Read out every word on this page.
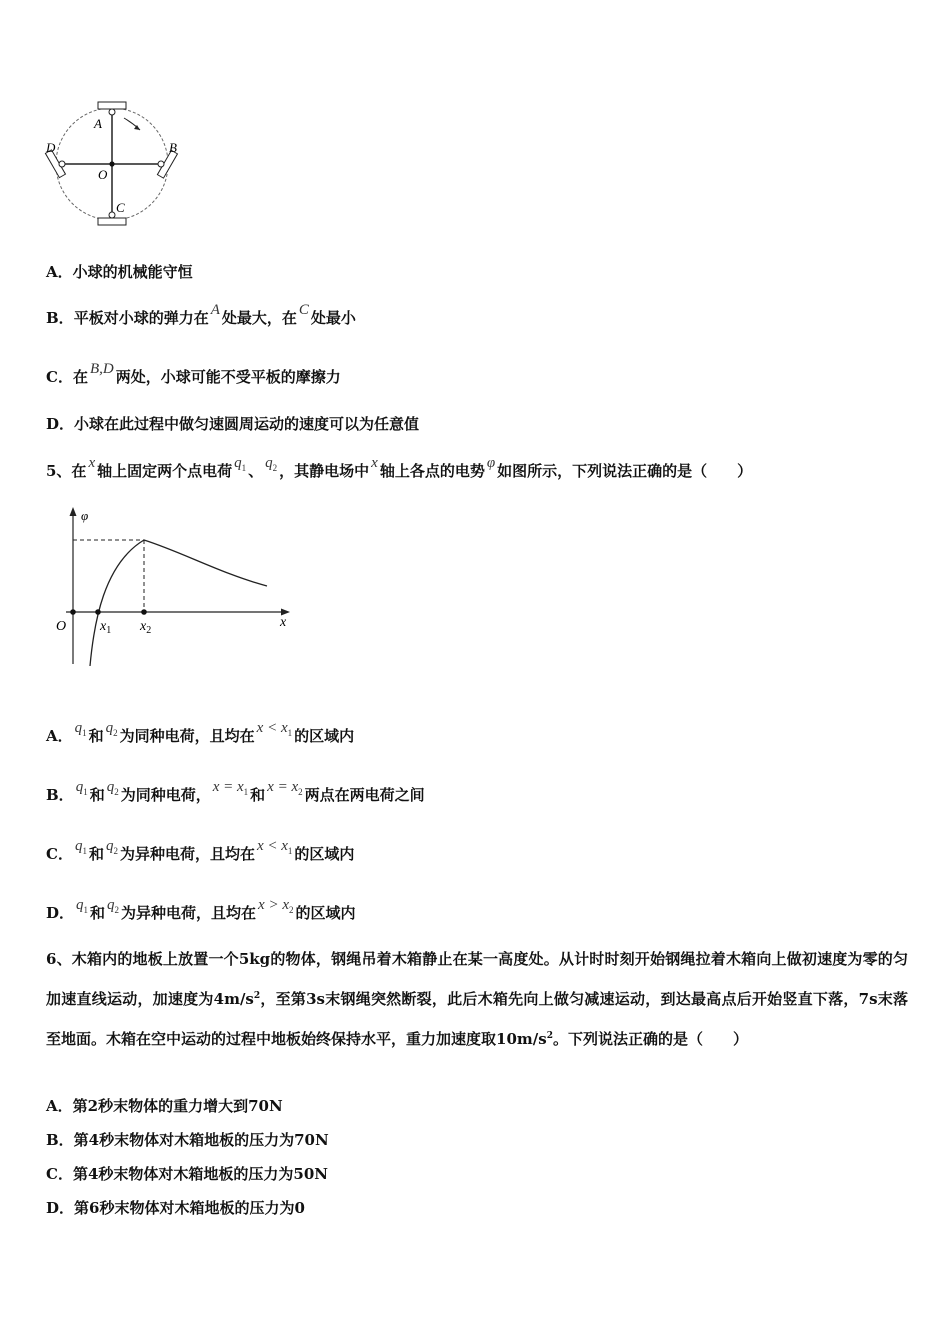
A
B
C
D
O
A．小球的机械能守恒
B．平板对小球的弹力在 A 处最大，在 C 处最小
C．在 B,D 两处，小球可能不受平板的摩擦力
D．小球在此过程中做匀速圆周运动的速度可以为任意值
5、在 x 轴上固定两个点电荷 $q_1$ 、 $q_2$ ，其静电场中 x 轴上各点的电势 φ 如图所示，下列说法正确的是（　　）
φ
O $x_1$ $x_2$
x
A． $q_1$ 和 $q_2$ 为同种电荷，且均在 $x < x_1$ 的区域内
B． $q_1$ 和 $q_2$ 为同种电荷， $x = x_1$ 和 $x = x_2$ 两点在两电荷之间
C． $q_1$ 和 $q_2$ 为异种电荷，且均在 $x < x_1$ 的区域内
D． $q_1$ 和 $q_2$ 为异种电荷，且均在 $x > x_2$ 的区域内
6、木箱内的地板上放置一个5kg的物体，钢绳吊着木箱静止在某一高度处。从计时时刻开始钢绳拉着木箱向上做初速度为零的匀加速直线运动，加速度为$4m/s^2$，至第3s末钢绳突然断裂，此后木箱先向上做匀减速运动，到达最高点后开始竖直下落，7s末落至地面。木箱在空中运动的过程中地板始终保持水平，重力加速度取$10m/s^2$。下列说法正确的是（　　）
A．第2秒末物体的重力增大到70N
B．第4秒末物体对木箱地板的压力为70N
C．第4秒末物体对木箱地板的压力为50N
D．第6秒末物体对木箱地板的压力为0
